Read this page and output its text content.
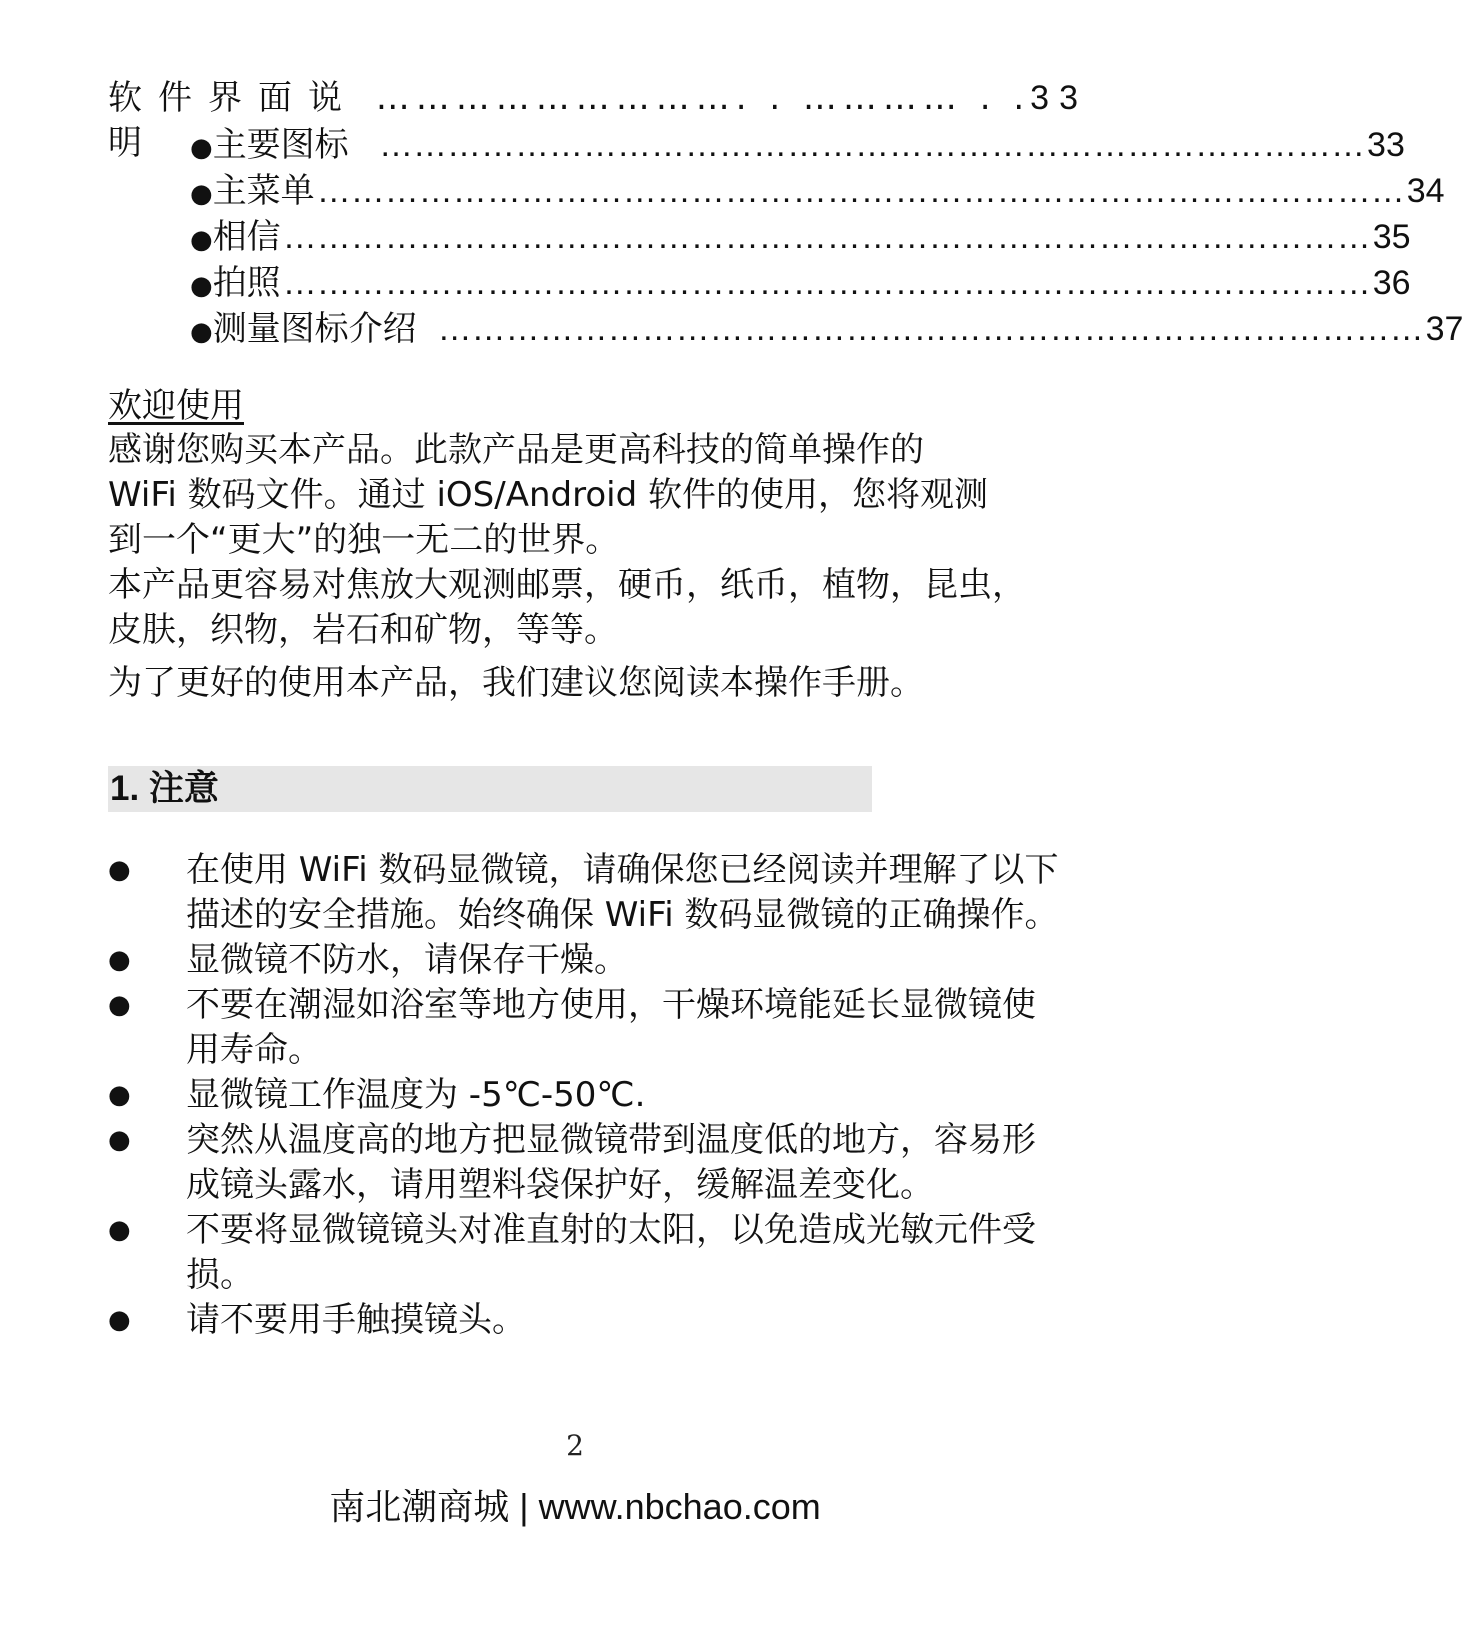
软件界面说明
………………………. . ………… . . 33
● 主要图标 …………………………………………………………………………… 33
● 主菜单 …………………………………………………………………………………… 34
● 相信 …………………………………………………………………………………… 35
● 拍照 …………………………………………………………………………………… 36
● 测量图标介绍 …………………………………………………………………………… 37
欢迎使用

感谢您购买本产品。此款产品是更高科技的简单操作的

WiFi 数码文件。通过 iOS/Android 软件的使用，您将观测

到一个“更大”的独一无二的世界。

本产品更容易对焦放大观测邮票，硬币，纸币，植物，昆虫，

皮肤，织物，岩石和矿物，等等。

为了更好的使用本产品，我们建议您阅读本操作手册。

1. 注意
●	在使用 WiFi 数码显微镜，请确保您已经阅读并理解了以下描述的安全措施。始终确保 WiFi 数码显微镜的正确操作。
●	显微镜不防水，请保存干燥。
●	不要在潮湿如浴室等地方使用，干燥环境能延长显微镜使用寿命。
●	显微镜工作温度为 -5℃-50℃.
●	突然从温度高的地方把显微镜带到温度低的地方，容易形成镜头露水，请用塑料袋保护好，缓解温差变化。
●	不要将显微镜镜头对准直射的太阳，以免造成光敏元件受损。
●	请不要用手触摸镜头。
2
南北潮商城 | www.nbchao.com
